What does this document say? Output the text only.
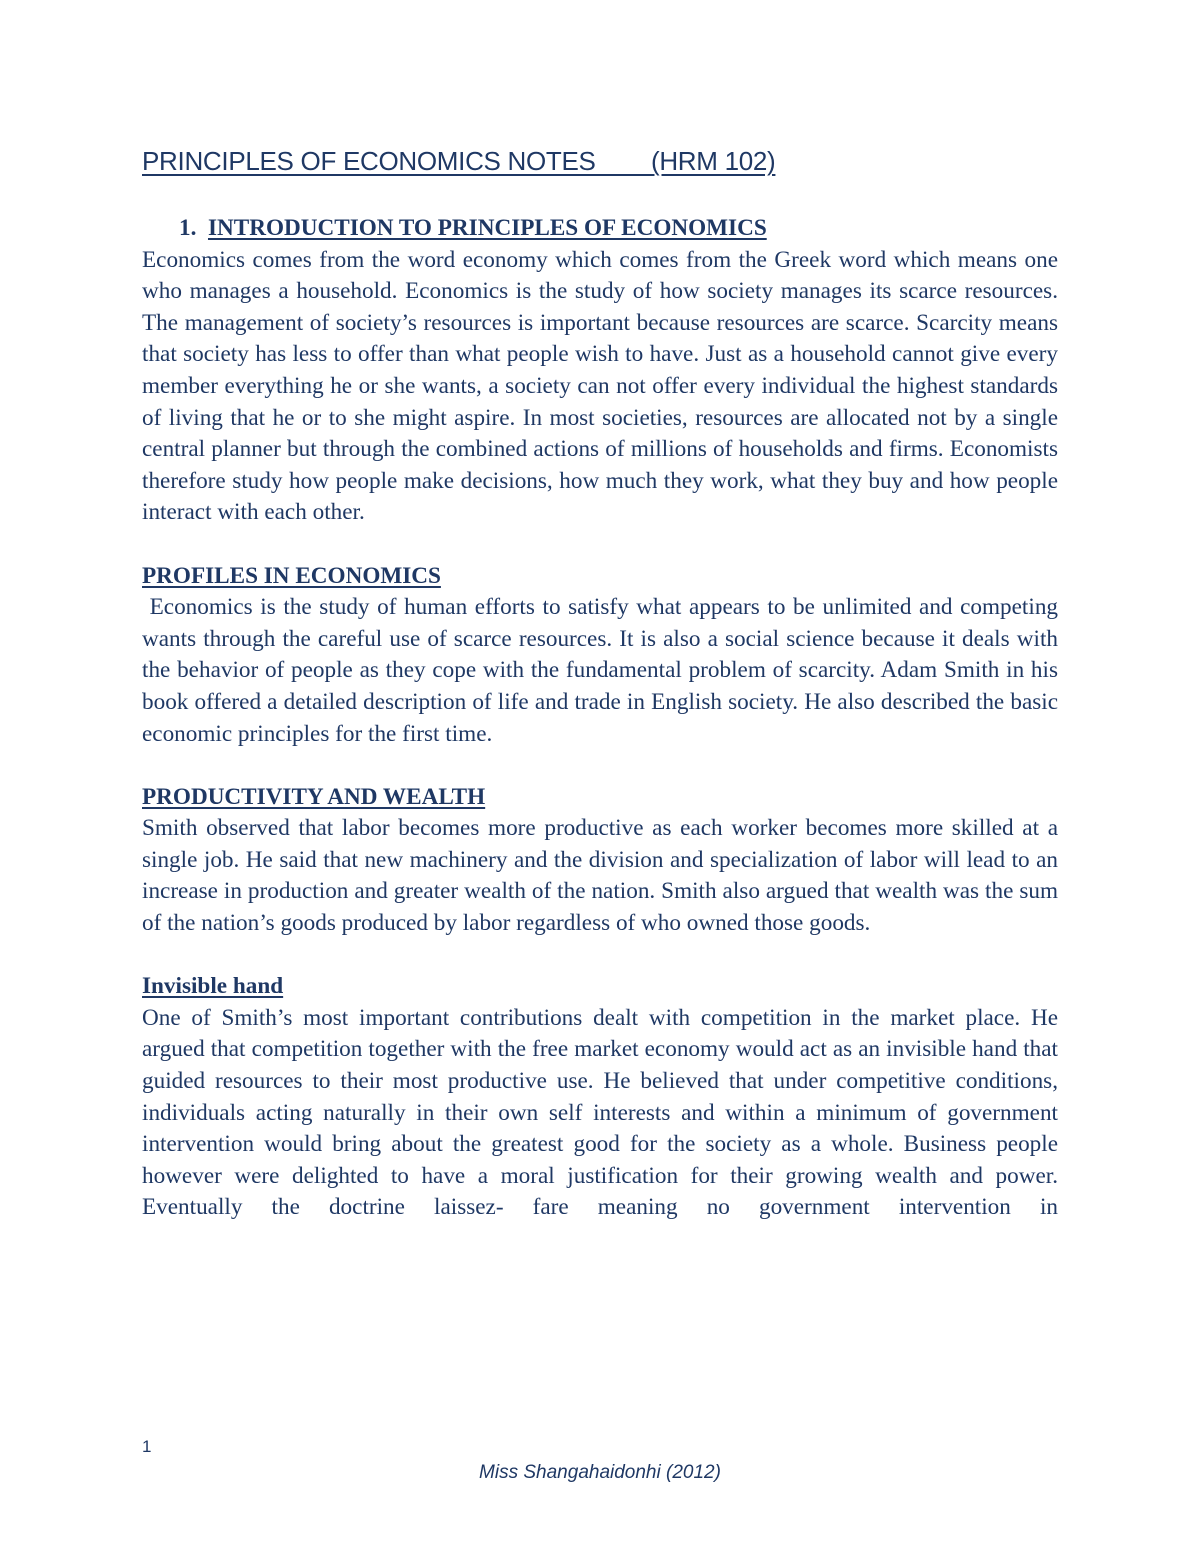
PRINCIPLES OF ECONOMICS NOTES        (HRM 102)
1. INTRODUCTION TO PRINCIPLES OF ECONOMICS

Economics comes from the word economy which comes from the Greek word which means one who manages a household. Economics is the study of how society manages its scarce resources. The management of society’s resources is important because resources are scarce. Scarcity means that society has less to offer than what people wish to have. Just as a household cannot give every member everything he or she wants, a society can not offer every individual the highest standards of living that he or to she might aspire. In most societies, resources are allocated not by a single central planner but through the combined actions of millions of households and firms. Economists therefore study how people make decisions, how much they work, what they buy and how people interact with each other.

PROFILES IN ECONOMICS

Economics is the study of human efforts to satisfy what appears to be unlimited and competing wants through the careful use of scarce resources. It is also a social science because it deals with the behavior of people as they cope with the fundamental problem of scarcity. Adam Smith in his book offered a detailed description of life and trade in English society. He also described the basic economic principles for the first time.

PRODUCTIVITY AND WEALTH

Smith observed that labor becomes more productive as each worker becomes more skilled at a single job. He said that new machinery and the division and specialization of labor will lead to an increase in production and greater wealth of the nation. Smith also argued that wealth was the sum of the nation’s goods produced by labor regardless of who owned those goods.

Invisible hand

One of Smith’s most important contributions dealt with competition in the market place. He argued that competition together with the free market economy would act as an invisible hand that guided resources to their most productive use. He believed that under competitive conditions, individuals acting naturally in their own self interests and within a minimum of government intervention would bring about the greatest good for the society as a whole. Business people however were delighted to have a moral justification for their growing wealth and power. Eventually the doctrine laissez- fare meaning no government intervention in

1
Miss Shangahaidonhi (2012)
